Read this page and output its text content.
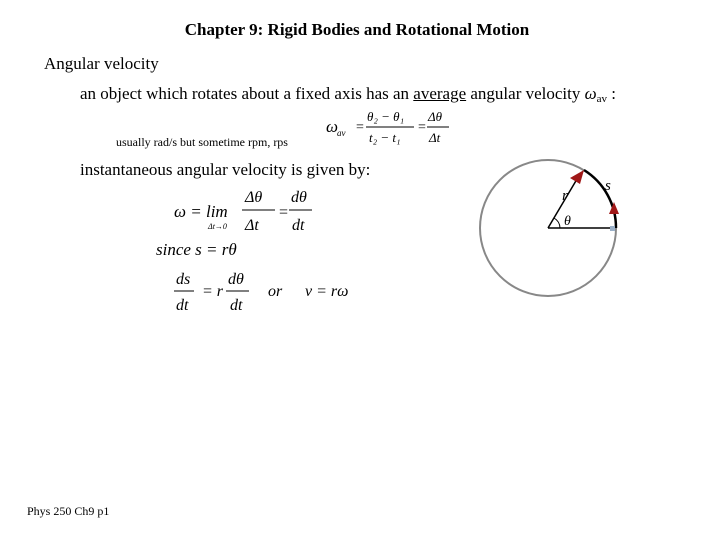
Chapter 9: Rigid Bodies and Rotational Motion
Angular velocity
an object which rotates about a fixed axis has an average angular velocity $\omega_{av}$ :
usually rad/s but sometime rpm, rps
ω
av =
θ₂ − θ₁
t₂ − t₁
=
Δθ
Δt
instantaneous angular velocity is given by:
ω = lim
Δt→0
Δθ
Δt
=
dθ
dt
since s = rθ
ds
dt
= r
dθ
dt
or v = rω
r
s
θ
Phys 250 Ch9 p1
